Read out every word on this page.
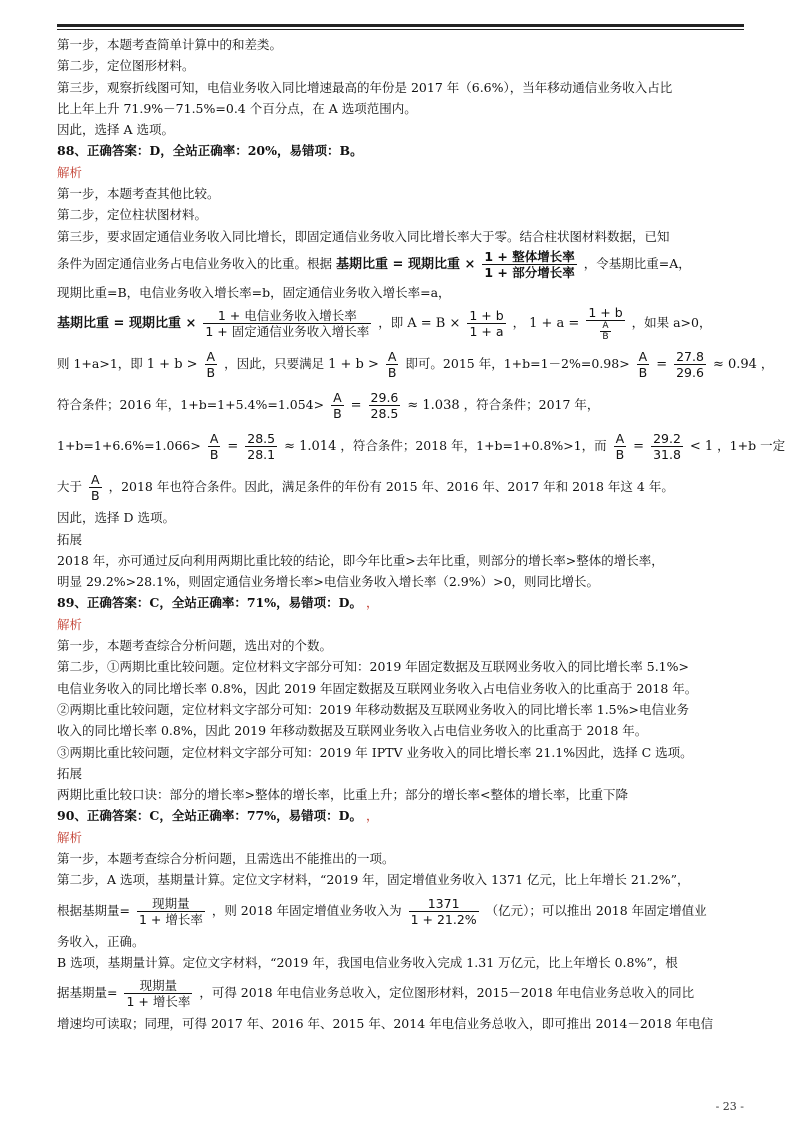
第一步，本题考查简单计算中的和差类。

第二步，定位图形材料。

第三步，观察折线图可知，电信业务收入同比增速最高的年份是 2017 年（6.6%），当年移动通信业务收入占比

比上年上升 71.9%－71.5%=0.4 个百分点，在 A 选项范围内。

因此，选择 A 选项。

88、正确答案：D，全站正确率：20%，易错项：B。

解析

第一步，本题考查其他比较。

第二步，定位柱状图材料。

第三步，要求固定通信业务收入同比增长，即固定通信业务收入同比增长率大于零。结合柱状图材料数据，已知

条件为固定通信业务占电信业务收入的比重。根据 基期比重 = 现期比重 ×
1 + 整体增长率
1 + 部分增长率
，令基期比重=A，

现期比重=B，电信业务收入增长率=b，固定通信业务收入增长率=a，

基期比重 = 现期比重 ×
1 + 电信业务收入增长率
1 + 固定通信业务收入增长率
，即 $A = B \times \frac{1 + b}{1 + a}$ ， $1 + a = \frac{1 + b}{\frac{A}{B}}$ ，如果 a>0，

则 1+a>1，即 $1 + b > \frac{A}{B}$ ，因此，只要满足 $1 + b > \frac{A}{B}$ 即可。2015 年，$1+b=1-2\%=0.98> \frac{A}{B} = \frac{27.8}{29.6} \approx 0.94$ ，

符合条件；2016 年，$1+b=1+5.4\%=1.054> \frac{A}{B} = \frac{29.6}{28.5} \approx 1.038$ ，符合条件；2017 年，

$1+b=1+6.6\%=1.066> \frac{A}{B} = \frac{28.5}{28.1} \approx 1.014$ ，符合条件；2018 年，1+b=1+0.8%>1，而 $\frac{A}{B} = \frac{29.2}{31.8} < 1$ ，1+b 一定

大于 $\frac{A}{B}$ ，2018 年也符合条件。因此，满足条件的年份有 2015 年、2016 年、2017 年和 2018 年这 4 年。

因此，选择 D 选项。

拓展

2018 年，亦可通过反向利用两期比重比较的结论，即今年比重>去年比重，则部分的增长率>整体的增长率，

明显 29.2%>28.1%，则固定通信业务增长率>电信业务收入增长率（2.9%）>0，则同比增长。

89、正确答案：C，全站正确率：71%，易错项：D。 ，

解析

第一步，本题考查综合分析问题，选出对的个数。

第二步，①两期比重比较问题。定位材料文字部分可知：2019 年固定数据及互联网业务收入的同比增长率 5.1%>

电信业务收入的同比增长率 0.8%，因此 2019 年固定数据及互联网业务收入占电信业务收入的比重高于 2018 年。

②两期比重比较问题，定位材料文字部分可知：2019 年移动数据及互联网业务收入的同比增长率 1.5%>电信业务

收入的同比增长率 0.8%，因此 2019 年移动数据及互联网业务收入占电信业务收入的比重高于 2018 年。

③两期比重比较问题，定位材料文字部分可知：2019 年 IPTV 业务收入的同比增长率 21.1%因此，选择 C 选项。

拓展

两期比重比较口诀：部分的增长率>整体的增长率，比重上升；部分的增长率<整体的增长率，比重下降

90、正确答案：C，全站正确率：77%，易错项：D。 ，

解析

第一步，本题考查综合分析问题，且需选出不能推出的一项。

第二步，A 选项，基期量计算。定位文字材料，“2019 年，固定增值业务收入 1371 亿元，比上年增长 21.2%”，

根据基期量=	现期量
1 + 增长率
，则 2018 年固定增值业务收入为 $\frac{1371}{1 + 21.2\%}$ （亿元）；可以推出 2018 年固定增值业

务收入，正确。

B 选项，基期量计算。定位文字材料，“2019 年，我国电信业务收入完成 1.31 万亿元，比上年增长 0.8%”，根

据基期量=	现期量
1 + 增长率
，可得 2018 年电信业务总收入，定位图形材料，2015－2018 年电信业务总收入的同比

增速均可读取；同理，可得 2017 年、2016 年、2015 年、2014 年电信业务总收入，即可推出 2014－2018 年电信

- 23 -
